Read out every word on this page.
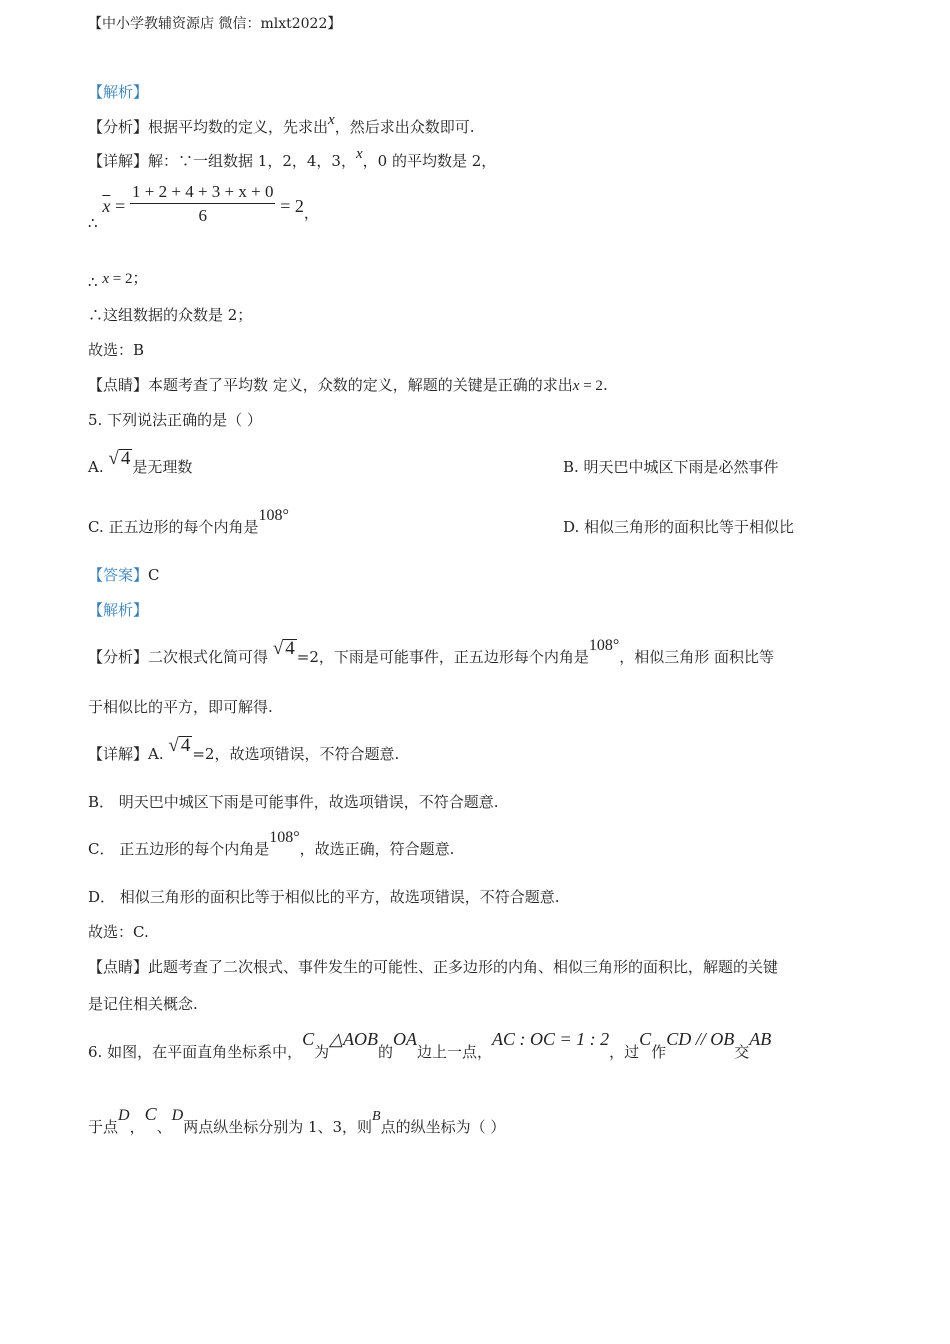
【中小学教辅资源店 微信：mlxt2022】
【解析】
【分析】根据平均数的定义，先求出x，然后求出众数即可.
【详解】解：∵一组数据 1，2，4，3，x，0 的平均数是 2，
∴ $\overline{x} = \frac{1 + 2 + 4 + 3 + x + 0}{6} = 2$，
∴ x = 2；
∴这组数据的众数是 2；
故选：B
【点睛】本题考查了平均数 定义，众数的定义，解题的关键是正确的求出x = 2.
5. 下列说法正确的是（ ）
A. √ 4 是无理数	B. 明天巴中城区下雨是必然事件
C. 正五边形的每个内角是108°
D. 相似三角形的面积比等于相似比
【答案】C
【解析】
【分析】二次根式化简可得 √ 4 =2，下雨是可能事件，正五边形每个内角是108°，相似三角形 面积比等
于相似比的平方，即可解得.
【详解】A. √ 4 =2，故选项错误，不符合题意.
B． 明天巴中城区下雨是可能事件，故选项错误，不符合题意.
C． 正五边形的每个内角是108°，故选正确，符合题意.
D． 相似三角形的面积比等于相似比的平方，故选项错误，不符合题意.
故选：C.
【点睛】此题考查了二次根式、事件发生的可能性、正多边形的内角、相似三角形的面积比，解题的关键
是记住相关概念.
6. 如图，在平面直角坐标系中，C为△AOB的OA边上一点，AC : OC = 1 : 2，过C作CD // OB交AB
于点D，C、D两点纵坐标分别为 1、3，则B点的纵坐标为（ ）
